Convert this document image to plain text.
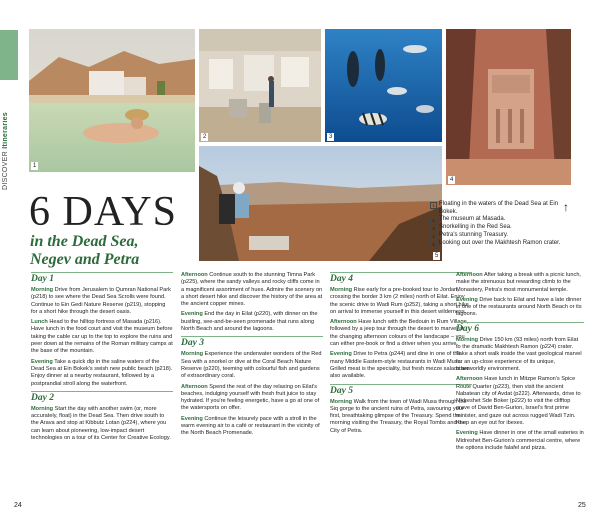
DISCOVER Itineraries
1
2	3
4
5
6 DAYS
in the Dead Sea, Negev and Petra
1 Floating in the waters of the Dead Sea at Ein Bokek.
2 The museum at Masada.
3 Snorkelling in the Red Sea.
4 Petra's stunning Treasury.
5 Looking out over the Makhtesh Ramon crater.
↑
Day 1

Morning Drive from Jerusalem to Qumran National Park (p218) to see where the Dead Sea Scrolls were found. Continue to Ein Gedi Nature Reserve (p219), stopping for a short hike through the desert oasis.

Lunch Head to the hilltop fortress of Masada (p216). Have lunch in the food court and visit the museum before taking the cable car up to the top to explore the ruins and peer down at the remains of the Roman military camps at the base of the mountain.

Evening Take a quick dip in the saline waters of the Dead Sea at Ein Bokek's swish new public beach (p218). Enjoy dinner at a nearby restaurant, followed by a postprandial stroll along the waterfront.

Day 2

Morning Start the day with another swim (or, more accurately, float) in the Dead Sea. Then drive south to the Arava and stop at Kibbutz Lotan (p224), where you can learn about pioneering, low-impact desert technologies on a tour of its Center for Creative Ecology.

Afternoon Continue south to the stunning Timna Park (p225), where the sandy valleys and rocky cliffs come in a magnificent assortment of hues. Admire the scenery on a short desert hike and discover the history of the area at the ancient copper mines.

Evening End the day in Eilat (p220), with dinner on the bustling, see-and-be-seen promenade that runs along North Beach and around the lagoons.

Day 3

Morning Experience the underwater wonders of the Red Sea with a snorkel or dive at the Coral Beach Nature Reserve (p220), teeming with colourful fish and gardens of extraordinary coral.

Afternoon Spend the rest of the day relaxing on Eilat's beaches, indulging yourself with fresh fruit juice to stay hydrated. If you're feeling energetic, have a go at one of the watersports on offer.

Evening Continue the leisurely pace with a stroll in the warm evening air to a café or restaurant in the vicinity of the North Beach Promenade.

Day 4

Morning Rise early for a pre-booked tour to Jordan, crossing the border 3 km (2 miles) north of Eilat. Enjoy the scenic drive to Wadi Rum (p252), taking a short hike on arrival to immerse yourself in this desert wilderness.

Afternoon Have lunch with the Bedouin in Rum Village, followed by a jeep tour through the desert to marvel at the changing afternoon colours of the landscape – you can either pre-book or find a driver when you arrive.

Evening Drive to Petra (p244) and dine in one of the many Middle Eastern-style restaurants in Wadi Musa. Grilled meat is the speciality, but fresh mezze salads are also available.

Day 5

Morning Walk from the town of Wadi Musa through the Siq gorge to the ancient ruins of Petra, savouring your first, breathtaking glimpse of the Treasury. Spend the morning visiting the Treasury, the Royal Tombs and the City of Petra.

Afternoon After taking a break with a picnic lunch, make the strenuous but rewarding climb to the Monastery, Petra's most monumental temple.

Evening Drive back to Eilat and have a late dinner in one of the restaurants around North Beach or its lagoons.

Day 6

Morning Drive 150 km (93 miles) north from Eilat to the dramatic Makhtesh Ramon (p224) crater. Take a short walk inside the vast geological marvel for an up-close experience of its unique, otherworldly environment.

Afternoon Have lunch in Mitzpe Ramon's Spice Route Quarter (p223), then visit the ancient Nabatean city of Avdat (p222). Afterwards, drive to Midreshet Sde Boker (p222) to visit the clifftop grave of David Ben-Gurion, Israel's first prime minister, and gaze out across rugged Wadi Tzin. Keep an eye out for ibexes.

Evening Have dinner in one of the small eateries in Midreshet Ben-Gurion's commercial centre, where the options include falafel and pizza.

24	25
